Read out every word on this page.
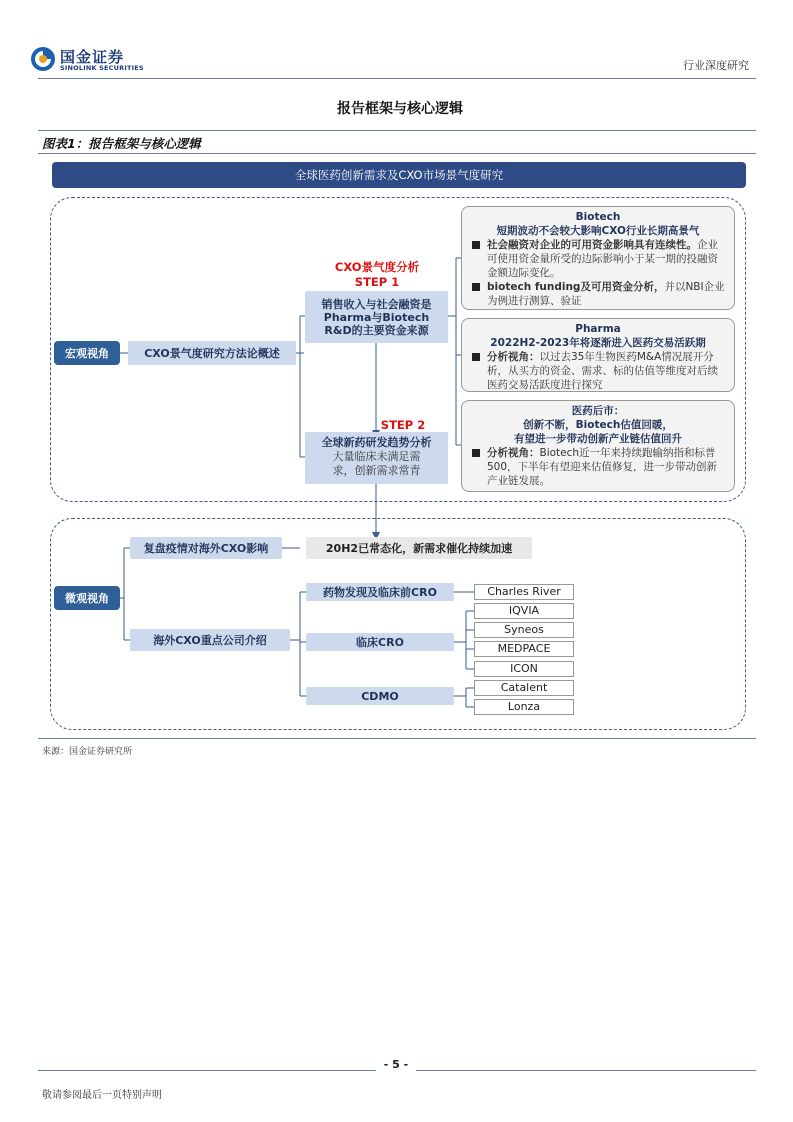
国金证券
SINOLINK SECURITIES	行业深度研究
报告框架与核心逻辑
图表1：报告框架与核心逻辑
全球医药创新需求及CXO市场景气度研究
宏观视角	CXO景气度研究方法论概述
CXO景气度分析
STEP 1
销售收入与社会融资是Pharma与Biotech R&D的主要资金来源
STEP 2
全球新药研发趋势分析
大量临床未满足需求，创新需求常青
Biotech
短期波动不会较大影响CXO行业长期高景气
社会融资对企业的可用资金影响具有连续性。企业可使用资金量所受的边际影响小于某一期的投融资金额边际变化。
biotech funding及可用资金分析，并以NBI企业为例进行测算、验证
Pharma
2022H2-2023年将逐渐进入医药交易活跃期
分析视角：以过去35年生物医药M&A情况展开分析，从买方的资金、需求、标的估值等维度对后续医药交易活跃度进行探究
医药后市：
创新不断，Biotech估值回暖，
有望进一步带动创新产业链估值回升
分析视角：Biotech近一年来持续跑输纳指和标普500，下半年有望迎来估值修复，进一步带动创新产业链发展。
微观视角
复盘疫情对海外CXO影响	20H2已常态化，新需求催化持续加速
海外CXO重点公司介绍
药物发现及临床前CRO
临床CRO
CDMO
Charles River
IQVIA
Syneos
MEDPACE
ICON
Catalent
Lonza
来源：国金证券研究所
- 5 -
敬请参阅最后一页特别声明
